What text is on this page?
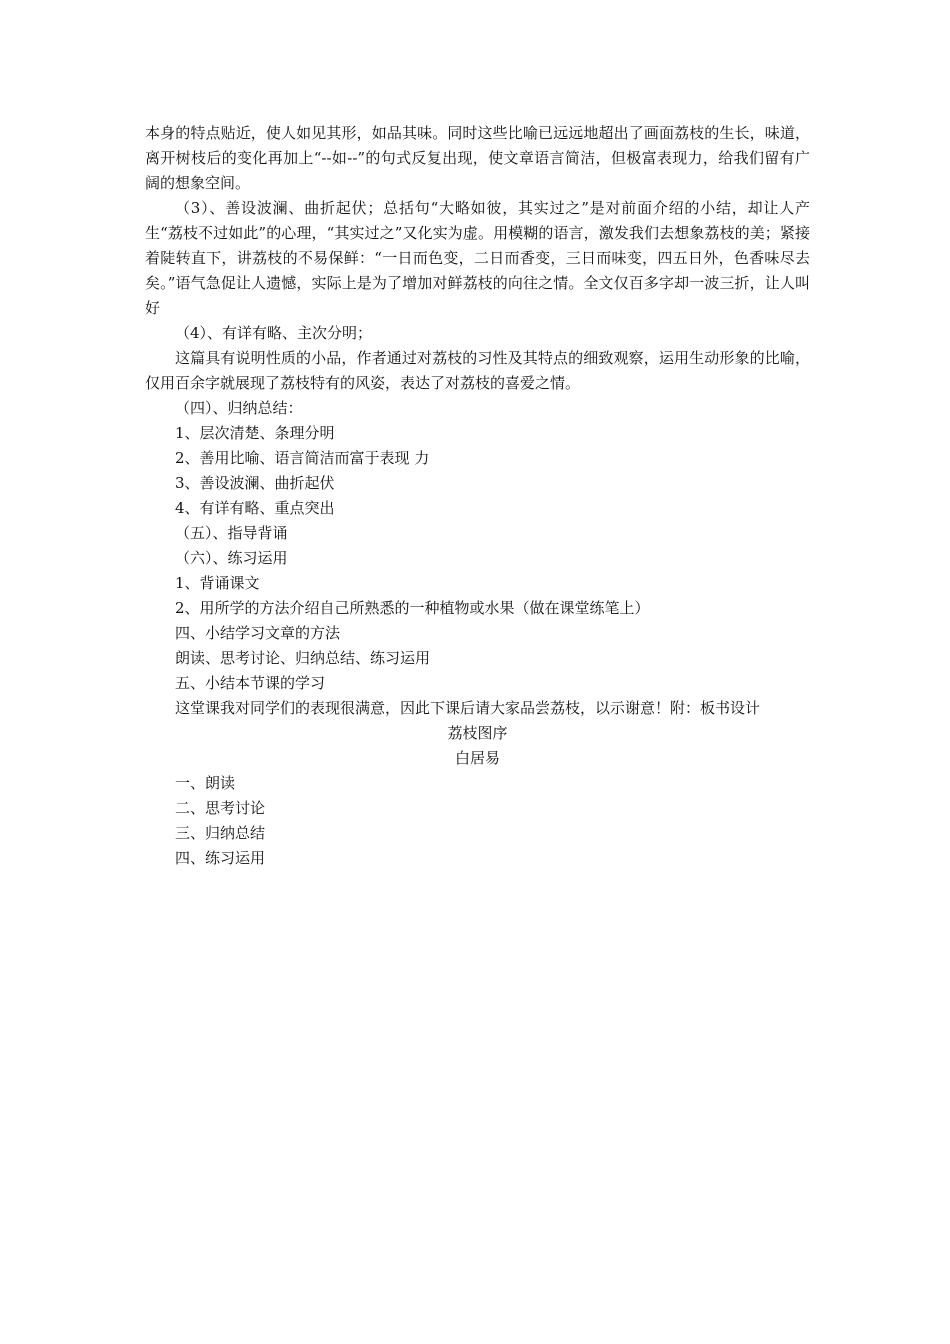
本身的特点贴近，使人如见其形，如品其味。同时这些比喻已远远地超出了画面荔枝的生长，味道，离开树枝后的变化再加上“--如--”的句式反复出现，使文章语言简洁，但极富表现力，给我们留有广阔的想象空间。

（3）、善设波澜、曲折起伏；总括句“大略如彼，其实过之”是对前面介绍的小结，却让人产生“荔枝不过如此”的心理，“其实过之”又化实为虚。用模糊的语言，激发我们去想象荔枝的美；紧接着陡转直下，讲荔枝的不易保鲜：“一日而色变，二日而香变，三日而味变，四五日外，色香味尽去矣。”语气急促让人遗憾，实际上是为了增加对鲜荔枝的向往之情。全文仅百多字却一波三折，让人叫好

（4）、有详有略、主次分明；

这篇具有说明性质的小品，作者通过对荔枝的习性及其特点的细致观察，运用生动形象的比喻，仅用百余字就展现了荔枝特有的风姿，表达了对荔枝的喜爱之情。

（四）、归纳总结：

1、层次清楚、条理分明

2、善用比喻、语言简洁而富于表现 力

3、善设波澜、曲折起伏

4、有详有略、重点突出

（五）、指导背诵

（六）、练习运用

1、背诵课文

2、用所学的方法介绍自己所熟悉的一种植物或水果（做在课堂练笔上）

四、小结学习文章的方法

朗读、思考讨论、归纳总结、练习运用

五、小结本节课的学习

这堂课我对同学们的表现很满意，因此下课后请大家品尝荔枝，以示谢意！附：板书设计

荔枝图序

白居易

一、朗读

二、思考讨论

三、归纳总结

四、练习运用
